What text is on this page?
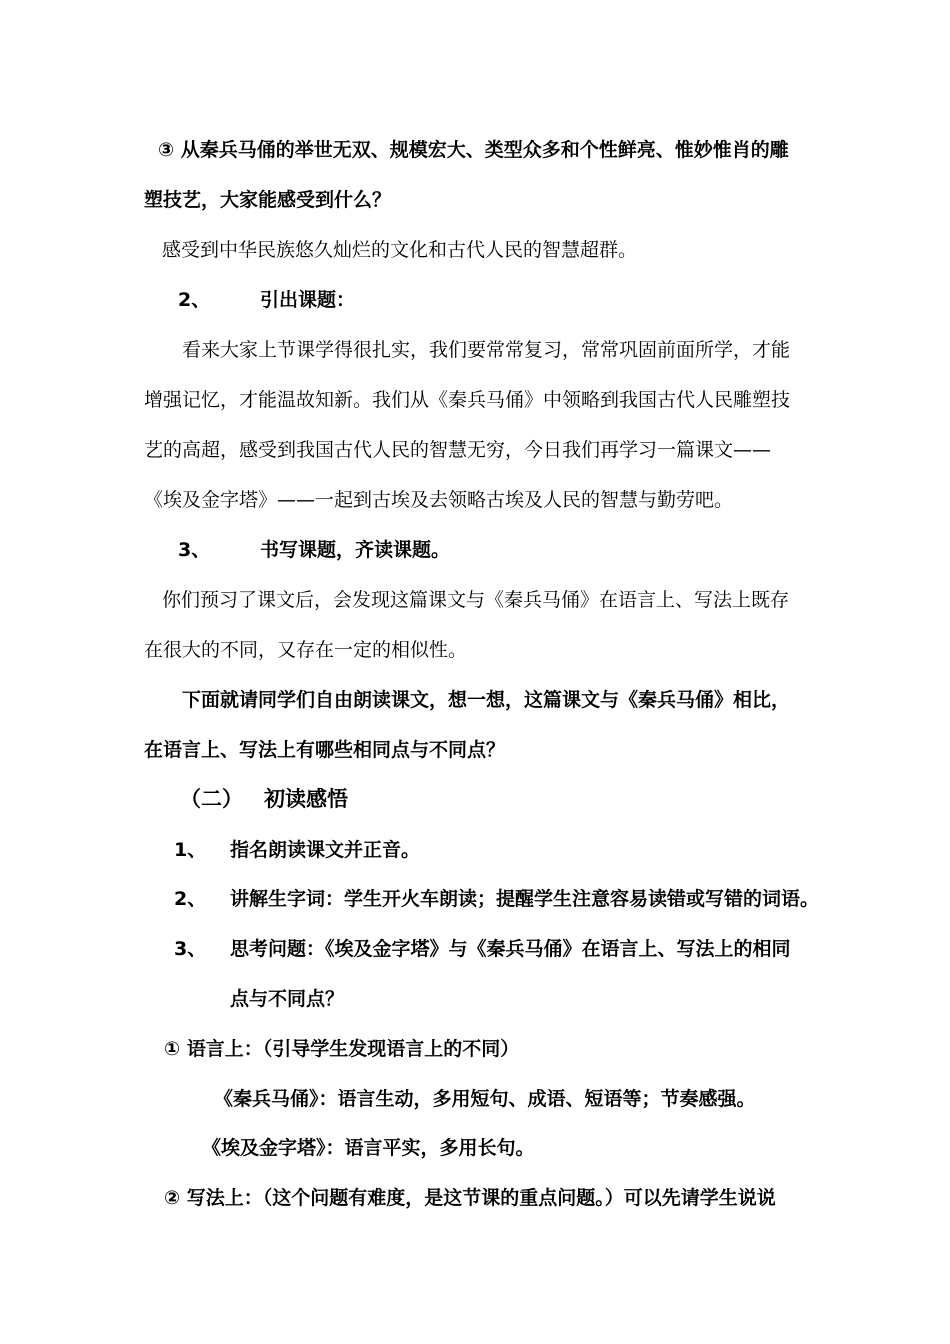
③ 从秦兵马俑的举世无双、规模宏大、类型众多和个性鲜亮、惟妙惟肖的雕
塑技艺，大家能感受到什么？
感受到中华民族悠久灿烂的文化和古代人民的智慧超群。
2、	引出课题：
看来大家上节课学得很扎实，我们要常常复习，常常巩固前面所学，才能
增强记忆，才能温故知新。我们从《秦兵马俑》中领略到我国古代人民雕塑技
艺的高超，感受到我国古代人民的智慧无穷，今日我们再学习一篇课文——
《埃及金字塔》——一起到古埃及去领略古埃及人民的智慧与勤劳吧。
3、	书写课题，齐读课题。
你们预习了课文后，会发现这篇课文与《秦兵马俑》在语言上、写法上既存
在很大的不同，又存在一定的相似性。
下面就请同学们自由朗读课文，想一想，这篇课文与《秦兵马俑》相比，
在语言上、写法上有哪些相同点与不同点？
（二） 初读感悟
1、 指名朗读课文并正音。
2、 讲解生字词：学生开火车朗读；提醒学生注意容易读错或写错的词语。
3、 思考问题：《埃及金字塔》与《秦兵马俑》在语言上、写法上的相同
点与不同点？
① 语言上：（引导学生发现语言上的不同）
《秦兵马俑》：语言生动，多用短句、成语、短语等；节奏感强。
《埃及金字塔》：语言平实，多用长句。
② 写法上：（这个问题有难度，是这节课的重点问题。）可以先请学生说说
